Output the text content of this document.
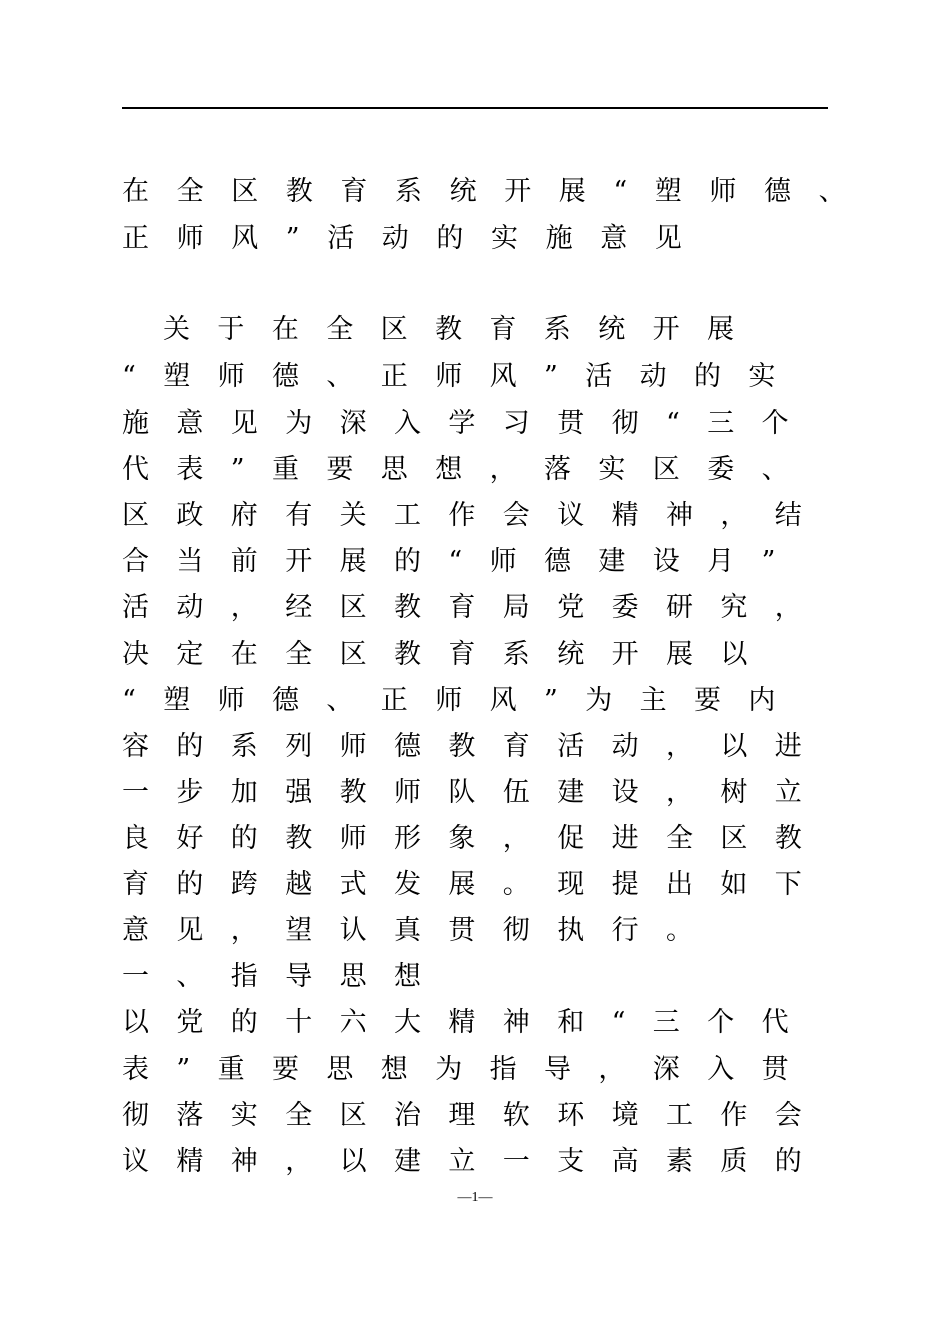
在全区教育系统开展“塑师德、
正师风”活动的实施意见
关于在全区教育系统开展
“塑师德、正师风”活动的实
施意见为深入学习贯彻“三个
代表”重要思想，落实区委、
区政府有关工作会议精神，结
合当前开展的“师德建设月”
活动，经区教育局党委研究，
决定在全区教育系统开展以
“塑师德、正师风”为主要内
容的系列师德教育活动，以进
一步加强教师队伍建设，树立
良好的教师形象，促进全区教
育的跨越式发展。现提出如下
意见，望认真贯彻执行。
一、指导思想
以党的十六大精神和“三个代
表”重要思想为指导，深入贯
彻落实全区治理软环境工作会
议精神，以建立一支高素质的
—1—
